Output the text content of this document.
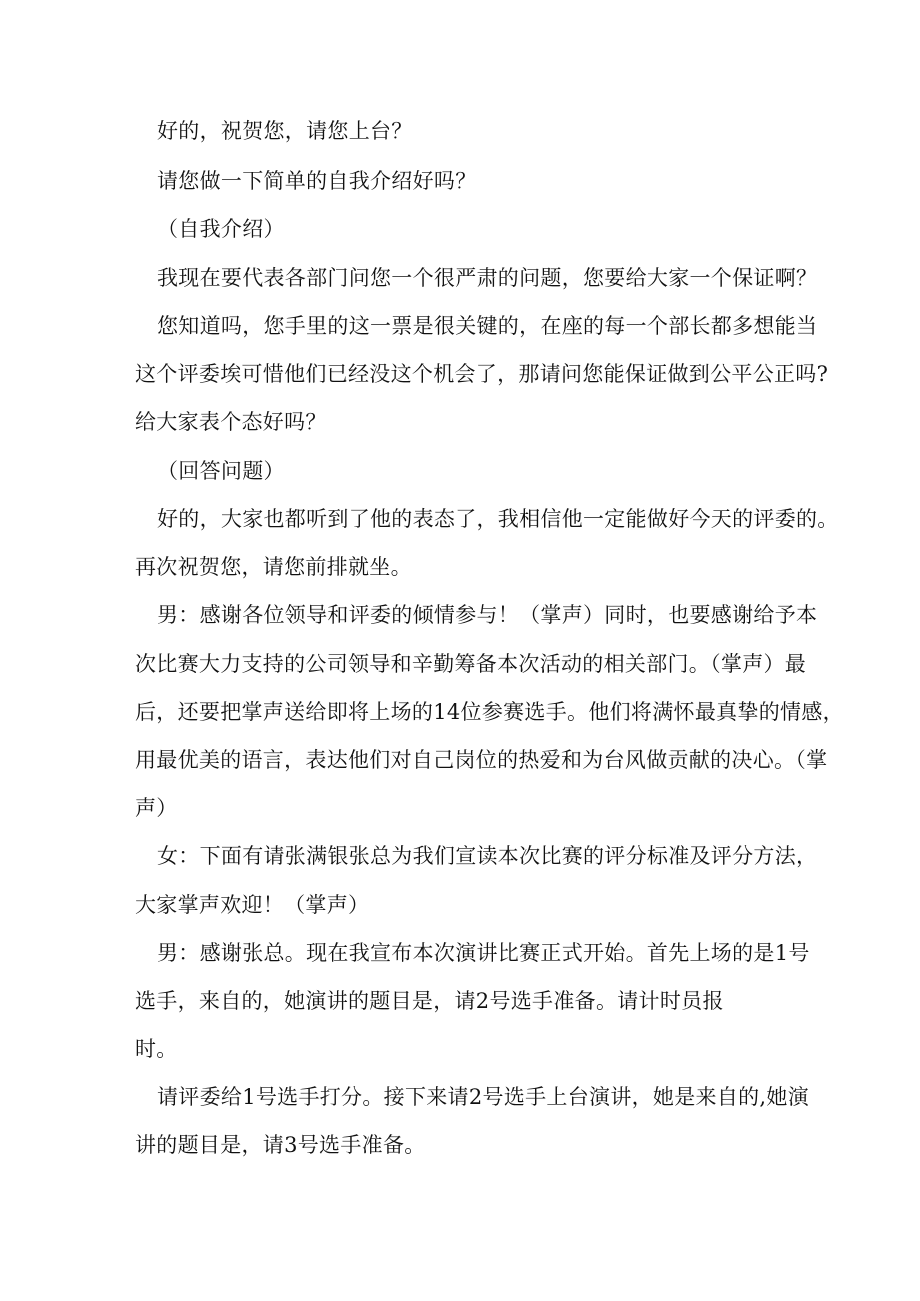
好的，祝贺您，请您上台？
请您做一下简单的自我介绍好吗？
（自我介绍）
我现在要代表各部门问您一个很严肃的问题，您要给大家一个保证啊？
您知道吗，您手里的这一票是很关键的，在座的每一个部长都多想能当
这个评委埃可惜他们已经没这个机会了，那请问您能保证做到公平公正吗?
给大家表个态好吗？
（回答问题）
好的，大家也都听到了他的表态了，我相信他一定能做好今天的评委的。
再次祝贺您，请您前排就坐。
男：感谢各位领导和评委的倾情参与！（掌声）同时，也要感谢给予本
次比赛大力支持的公司领导和辛勤筹备本次活动的相关部门。（掌声）最
后，还要把掌声送给即将上场的14位参赛选手。他们将满怀最真挚的情感，
用最优美的语言，表达他们对自己岗位的热爱和为台风做贡献的决心。（掌
声）
女：下面有请张满银张总为我们宣读本次比赛的评分标准及评分方法，
大家掌声欢迎！（掌声）
男：感谢张总。现在我宣布本次演讲比赛正式开始。首先上场的是1号
选手，来自的，她演讲的题目是，请2号选手准备。请计时员报
时。
请评委给1号选手打分。接下来请2号选手上台演讲，她是来自的,她演
讲的题目是，请3号选手准备。
